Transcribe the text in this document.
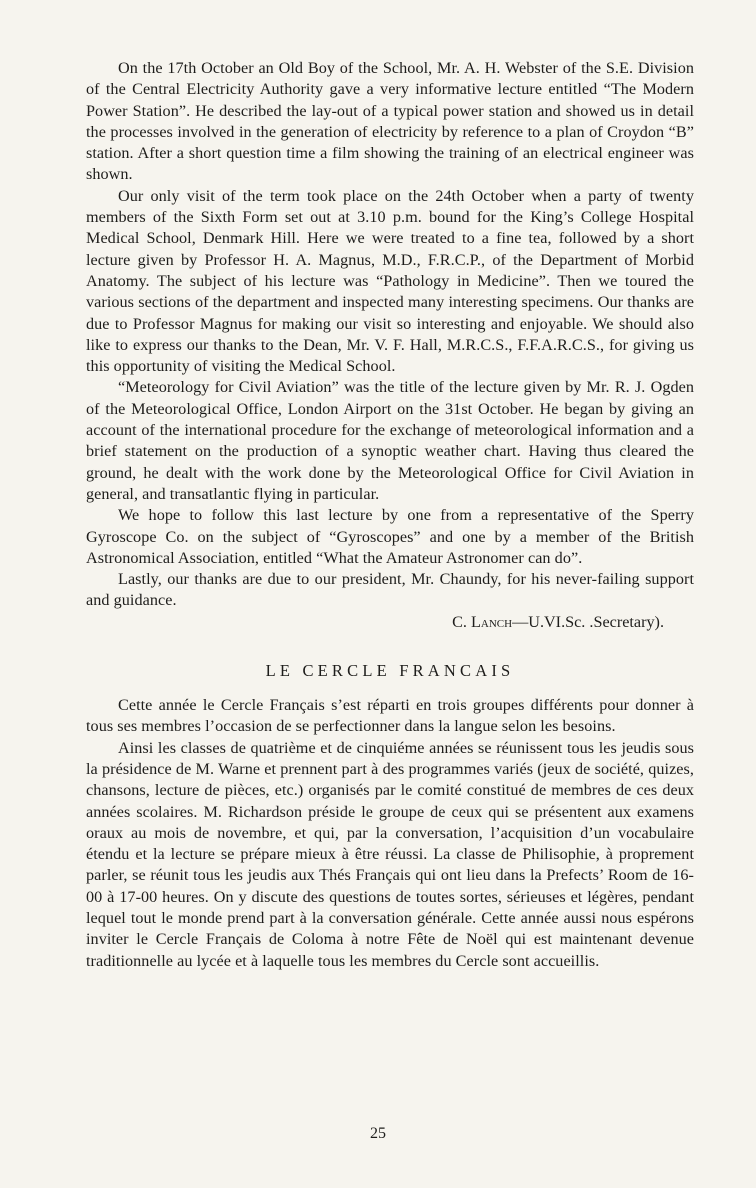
On the 17th October an Old Boy of the School, Mr. A. H. Webster of the S.E. Division of the Central Electricity Authority gave a very informative lecture entitled “The Modern Power Station”. He described the lay-out of a typical power station and showed us in detail the processes involved in the generation of electricity by reference to a plan of Croydon “B” station. After a short question time a film showing the training of an electrical engineer was shown.

Our only visit of the term took place on the 24th October when a party of twenty members of the Sixth Form set out at 3.10 p.m. bound for the King’s College Hospital Medical School, Denmark Hill. Here we were treated to a fine tea, followed by a short lecture given by Professor H. A. Magnus, M.D., F.R.C.P., of the Department of Morbid Anatomy. The subject of his lecture was “Pathology in Medicine”. Then we toured the various sections of the department and inspected many interesting specimens. Our thanks are due to Professor Magnus for making our visit so interesting and enjoyable. We should also like to express our thanks to the Dean, Mr. V. F. Hall, M.R.C.S., F.F.A.R.C.S., for giving us this opportunity of visiting the Medical School.

“Meteorology for Civil Aviation” was the title of the lecture given by Mr. R. J. Ogden of the Meteorological Office, London Airport on the 31st October. He began by giving an account of the international procedure for the exchange of meteorological information and a brief statement on the production of a synoptic weather chart. Having thus cleared the ground, he dealt with the work done by the Meteorological Office for Civil Aviation in general, and transatlantic flying in particular.

We hope to follow this last lecture by one from a representative of the Sperry Gyroscope Co. on the subject of “Gyroscopes” and one by a member of the British Astronomical Association, entitled “What the Amateur Astronomer can do”.

Lastly, our thanks are due to our president, Mr. Chaundy, for his never-failing support and guidance.

C. Lanch—U.VI.Sc. .Secretary).

LE CERCLE FRANCAIS

Cette année le Cercle Français s’est réparti en trois groupes différents pour donner à tous ses membres l’occasion de se perfectionner dans la langue selon les besoins.

Ainsi les classes de quatrième et de cinquiéme années se réunissent tous les jeudis sous la présidence de M. Warne et prennent part à des programmes variés (jeux de société, quizes, chansons, lecture de pièces, etc.) organisés par le comité constitué de membres de ces deux années scolaires. M. Richardson préside le groupe de ceux qui se présentent aux examens oraux au mois de novembre, et qui, par la conversation, l’acquisition d’un vocabulaire étendu et la lecture se prépare mieux à être réussi. La classe de Philisophie, à proprement parler, se réunit tous les jeudis aux Thés Français qui ont lieu dans la Prefects’ Room de 16-00 à 17-00 heures. On y discute des questions de toutes sortes, sérieuses et légères, pendant lequel tout le monde prend part à la conversation générale. Cette année aussi nous espérons inviter le Cercle Français de Coloma à notre Fête de Noël qui est maintenant devenue traditionnelle au lycée et à laquelle tous les membres du Cercle sont accueillis.

25
